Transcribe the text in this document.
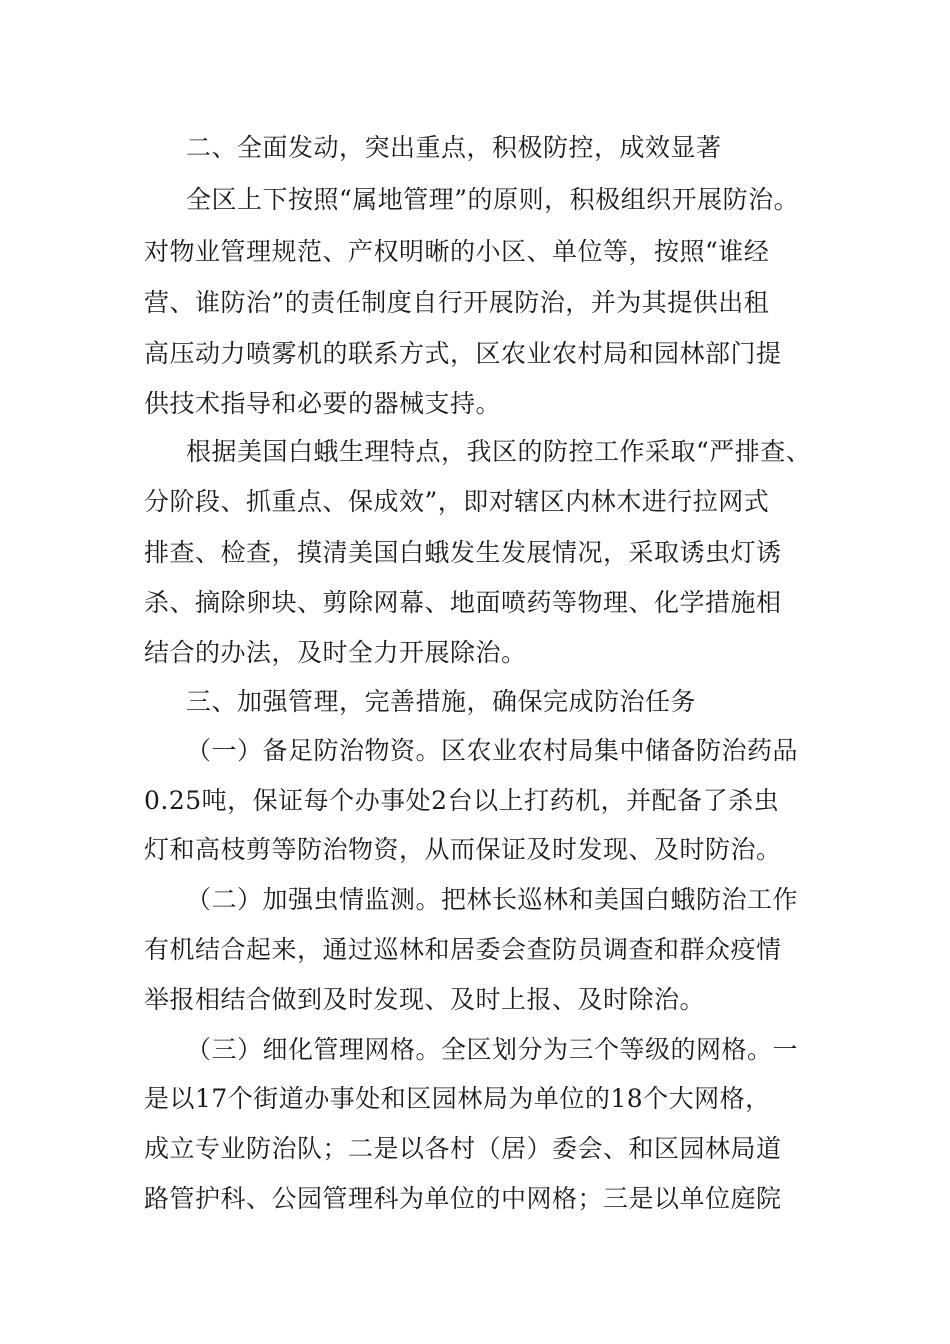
二、全面发动，突出重点，积极防控，成效显著
全区上下按照“属地管理”的原则，积极组织开展防治。
对物业管理规范、产权明晰的小区、单位等，按照“谁经
营、谁防治”的责任制度自行开展防治，并为其提供出租
高压动力喷雾机的联系方式，区农业农村局和园林部门提
供技术指导和必要的器械支持。
根据美国白蛾生理特点，我区的防控工作采取“严排查、
分阶段、抓重点、保成效”，即对辖区内林木进行拉网式
排查、检查，摸清美国白蛾发生发展情况，采取诱虫灯诱
杀、摘除卵块、剪除网幕、地面喷药等物理、化学措施相
结合的办法，及时全力开展除治。
三、加强管理，完善措施，确保完成防治任务
（一）备足防治物资。区农业农村局集中储备防治药品
0.25吨，保证每个办事处2台以上打药机，并配备了杀虫
灯和高枝剪等防治物资，从而保证及时发现、及时防治。
（二）加强虫情监测。把林长巡林和美国白蛾防治工作
有机结合起来，通过巡林和居委会查防员调查和群众疫情
举报相结合做到及时发现、及时上报、及时除治。
（三）细化管理网格。全区划分为三个等级的网格。一
是以17个街道办事处和区园林局为单位的18个大网格，
成立专业防治队；二是以各村（居）委会、和区园林局道
路管护科、公园管理科为单位的中网格；三是以单位庭院
